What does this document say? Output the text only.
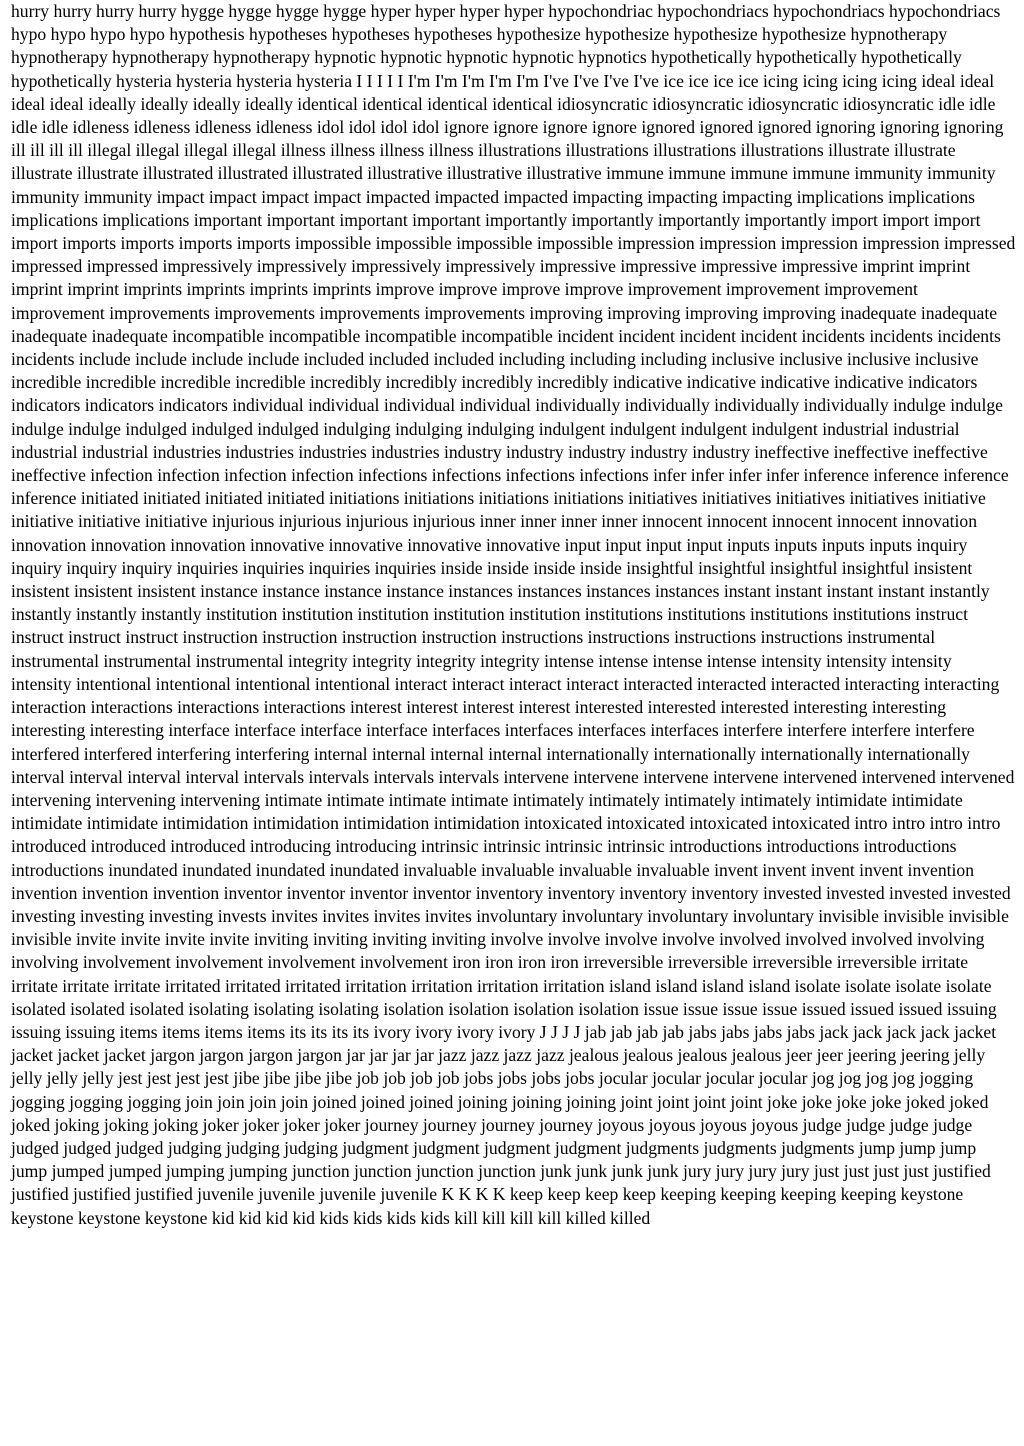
hurry hurry hurry hurry hygge hygge hygge hygge hyper hyper hyper hyper hypochondriac hypochondriacs hypochondriacs hypochondriacs hypo hypo hypo hypo hypothesis hypotheses hypotheses hypotheses hypothesize hypothesize hypothesize hypothesize hypnotherapy hypnotherapy hypnotherapy hypnotherapy hypnotic hypnotic hypnotic hypnotic hypnotics hypothetically hypothetically hypothetically hypothetically hysteria hysteria hysteria hysteria I I I I I I'm I'm I'm I'm I'm I've I've I've I've ice ice ice ice icing icing icing icing ideal ideal ideal ideal ideally ideally ideally ideally identical identical identical identical idiosyncratic idiosyncratic idiosyncratic idiosyncratic idle idle idle idle idleness idleness idleness idleness idol idol idol idol ignore ignore ignore ignore ignored ignored ignored ignoring ignoring ignoring ill ill ill ill illegal illegal illegal illegal illness illness illness illness illustrations illustrations illustrations illustrations illustrate illustrate illustrate illustrate illustrated illustrated illustrated illustrative illustrative illustrative immune immune immune immune immunity immunity immunity immunity impact impact impact impact impacted impacted impacted impacting impacting impacting implications implications implications implications important important important important importantly importantly importantly importantly import import import import imports imports imports imports impossible impossible impossible impossible impression impression impression impression impressed impressed impressed impressively impressively impressively impressively impressive impressive impressive impressive imprint imprint imprint imprint imprints imprints imprints imprints improve improve improve improve improvement improvement improvement improvement improvements improvements improvements improvements improving improving improving improving inadequate inadequate inadequate inadequate incompatible incompatible incompatible incompatible incident incident incident incident incidents incidents incidents incidents include include include include included included included including including including inclusive inclusive inclusive inclusive incredible incredible incredible incredible incredibly incredibly incredibly incredibly indicative indicative indicative indicative indicators indicators indicators indicators individual individual individual individual individually individually individually individually indulge indulge indulge indulge indulged indulged indulged indulging indulging indulging indulgent indulgent indulgent indulgent industrial industrial industrial industrial industries industries industries industries industry industry industry industry industry ineffective ineffective ineffective ineffective infection infection infection infection infections infections infections infections infer infer infer infer inference inference inference inference initiated initiated initiated initiated initiations initiations initiations initiations initiatives initiatives initiatives initiatives initiative initiative initiative initiative injurious injurious injurious injurious inner inner inner inner innocent innocent innocent innocent innovation innovation innovation innovation innovative innovative innovative innovative input input input input inputs inputs inputs inputs inquiry inquiry inquiry inquiry inquiries inquiries inquiries inquiries inside inside inside inside insightful insightful insightful insightful insistent insistent insistent insistent instance instance instance instance instances instances instances instances instant instant instant instant instantly instantly instantly instantly institution institution institution institution institution institutions institutions institutions institutions instruct instruct instruct instruct instruction instruction instruction instruction instructions instructions instructions instructions instrumental instrumental instrumental instrumental integrity integrity integrity integrity intense intense intense intense intensity intensity intensity intensity intentional intentional intentional intentional interact interact interact interact interacted interacted interacted interacting interacting interaction interactions interactions interactions interest interest interest interest interested interested interested interesting interesting interesting interesting interface interface interface interface interfaces interfaces interfaces interfaces interfere interfere interfere interfere interfered interfered interfering interfering internal internal internal internal internationally internationally internationally internationally interval interval interval interval intervals intervals intervals intervals intervene intervene intervene intervene intervened intervened intervened intervening intervening intervening intimate intimate intimate intimate intimately intimately intimately intimately intimidate intimidate intimidate intimidate intimidation intimidation intimidation intimidation intoxicated intoxicated intoxicated intoxicated intro intro intro intro introduced introduced introduced introducing introducing intrinsic intrinsic intrinsic intrinsic introductions introductions introductions introductions inundated inundated inundated inundated invaluable invaluable invaluable invaluable invent invent invent invent invention invention invention invention inventor inventor inventor inventor inventory inventory inventory inventory invested invested invested invested investing investing investing invests invites invites invites invites involuntary involuntary involuntary involuntary invisible invisible invisible invisible invite invite invite invite inviting inviting inviting inviting involve involve involve involve involved involved involved involving involving involvement involvement involvement involvement iron iron iron iron irreversible irreversible irreversible irreversible irritate irritate irritate irritate irritated irritated irritated irritation irritation irritation irritation island island island island isolate isolate isolate isolate isolated isolated isolated isolating isolating isolating isolation isolation isolation isolation issue issue issue issue issued issued issued issuing issuing issuing items items items items its its its its ivory ivory ivory ivory J J J J jab jab jab jab jabs jabs jabs jabs jack jack jack jack jacket jacket jacket jacket jargon jargon jargon jargon jar jar jar jar jazz jazz jazz jazz jealous jealous jealous jealous jeer jeer jeering jeering jelly jelly jelly jelly jest jest jest jest jibe jibe jibe jibe job job job job jobs jobs jobs jobs jocular jocular jocular jocular jog jog jog jog jogging jogging jogging jogging join join join join joined joined joined joining joining joining joint joint joint joint joke joke joke joke joked joked joked joking joking joking joker joker joker joker journey journey journey journey joyous joyous joyous joyous judge judge judge judge judged judged judged judging judging judging judgment judgment judgment judgment judgments judgments judgments jump jump jump jump jumped jumped jumping jumping junction junction junction junction junk junk junk junk jury jury jury jury just just just just justified justified justified justified juvenile juvenile juvenile juvenile K K K K keep keep keep keep keeping keeping keeping keeping keystone keystone keystone keystone kid kid kid kid kids kids kids kids kill kill kill kill killed killed
